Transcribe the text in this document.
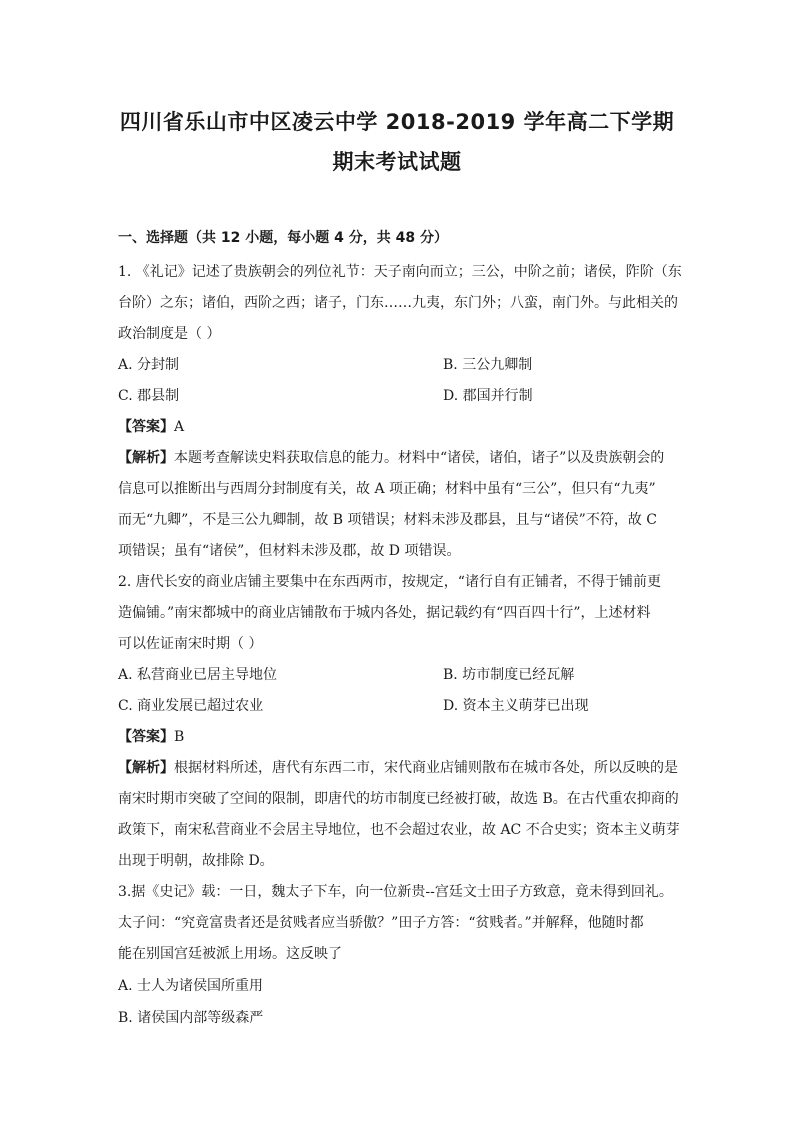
四川省乐山市中区凌云中学 2018-2019 学年高二下学期
期末考试试题
一、选择题（共 12 小题，每小题 4 分，共 48 分）
1. 《礼记》记述了贵族朝会的列位礼节：天子南向而立；三公，中阶之前；诸侯，阼阶（东
台阶）之东；诸伯，西阶之西；诸子，门东……九夷，东门外；八蛮，南门外。与此相关的
政治制度是（ ）
A. 分封制	B. 三公九卿制
C. 郡县制	D. 郡国并行制
【答案】A
【解析】本题考查解读史料获取信息的能力。材料中“诸侯，诸伯，诸子”以及贵族朝会的
信息可以推断出与西周分封制度有关，故 A 项正确；材料中虽有“三公”，但只有“九夷”
而无“九卿”，不是三公九卿制，故 B 项错误；材料未涉及郡县，且与“诸侯”不符，故 C
项错误；虽有“诸侯”，但材料未涉及郡，故 D 项错误。
2. 唐代长安的商业店铺主要集中在东西两市，按规定，“诸行自有正铺者，不得于铺前更
造偏铺。”南宋都城中的商业店铺散布于城内各处，据记载约有“四百四十行”，上述材料
可以佐证南宋时期（ ）
A. 私营商业已居主导地位	B. 坊市制度已经瓦解
C. 商业发展已超过农业	D. 资本主义萌芽已出现
【答案】B
【解析】根据材料所述，唐代有东西二市，宋代商业店铺则散布在城市各处，所以反映的是
南宋时期市突破了空间的限制，即唐代的坊市制度已经被打破，故选 B。在古代重农抑商的
政策下，南宋私营商业不会居主导地位，也不会超过农业，故 AC 不合史实；资本主义萌芽
出现于明朝，故排除 D。
3.据《史记》载：一日，魏太子下车，向一位新贵--宫廷文士田子方致意，竟未得到回礼。
太子问：“究竟富贵者还是贫贱者应当骄傲？”田子方答：“贫贱者。”并解释，他随时都
能在别国宫廷被派上用场。这反映了
A. 士人为诸侯国所重用
B. 诸侯国内部等级森严
